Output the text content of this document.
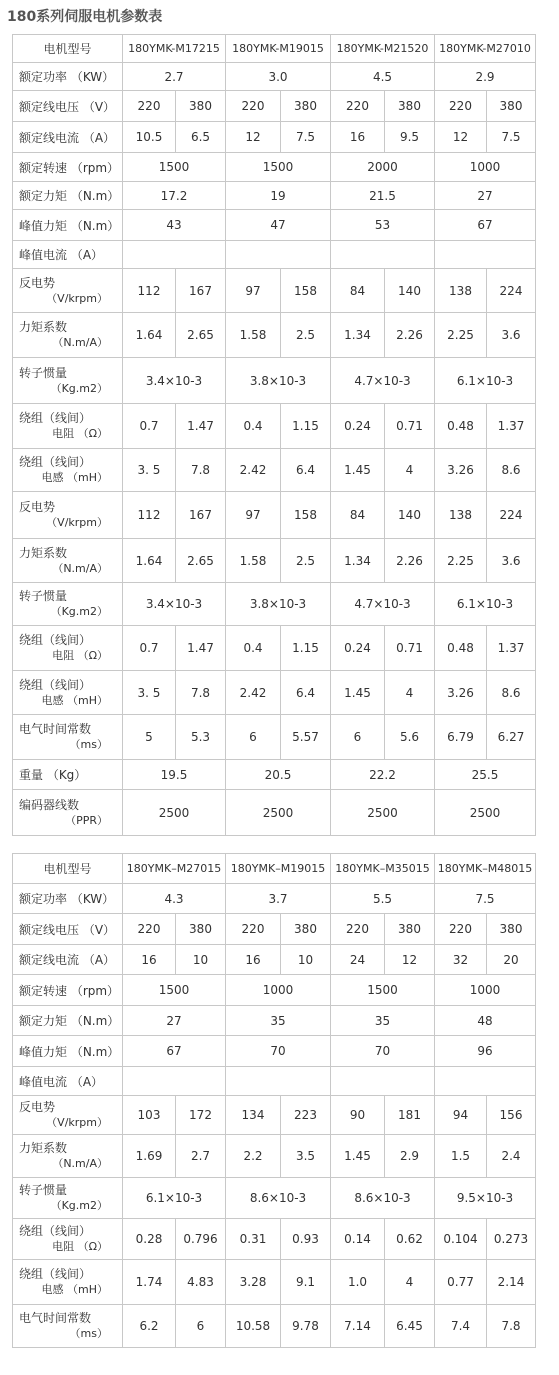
180系列伺服电机参数表
电机型号	180YMK-M17215		180YMK-M19015		180YMK-M21520		180YMK-M27010	
额定功率 （KW）	2.7		3.0		4.5		2.9	
额定线电压 （V）	220	380	220	380	220	380	220	380
额定线电流 （A）	10.5	6.5	12	7.5	16	9.5	12	7.5
额定转速 （rpm）	1500		1500		2000		1000	
额定力矩 （N.m）	17.2		19		21.5		27	
峰值力矩 （N.m）	43		47		53		67	
峰值电流 （A）								
反电势
（V/krpm）	112	167	97	158	84	140	138	224
力矩系数
（N.m/A）	1.64	2.65	1.58	2.5	1.34	2.26	2.25	3.6
转子惯量
（Kg.m2）	3.4×10-3		3.8×10-3		4.7×10-3		6.1×10-3	
绕组（线间）
电阻 （Ω）	0.7	1.47	0.4	1.15	0.24	0.71	0.48	1.37
绕组（线间）
电感 （mH）	3. 5	7.8	2.42	6.4	1.45	4	3.26	8.6
反电势
（V/krpm）	112	167	97	158	84	140	138	224
力矩系数
（N.m/A）	1.64	2.65	1.58	2.5	1.34	2.26	2.25	3.6
转子惯量
（Kg.m2）	3.4×10-3		3.8×10-3		4.7×10-3		6.1×10-3	
绕组（线间）
电阻 （Ω）	0.7	1.47	0.4	1.15	0.24	0.71	0.48	1.37
绕组（线间）
电感 （mH）	3. 5	7.8	2.42	6.4	1.45	4	3.26	8.6
电气时间常数
（ms）	5	5.3	6	5.57	6	5.6	6.79	6.27
重量 （Kg）	19.5		20.5		22.2		25.5	
编码器线数
（PPR）	2500		2500		2500		2500	
电机型号	180YMK–M27015		180YMK–M19015		180YMK–M35015		180YMK–M48015	
额定功率 （KW）	4.3		3.7		5.5		7.5	
额定线电压 （V）	220	380	220	380	220	380	220	380
额定线电流 （A）	16	10	16	10	24	12	32	20
额定转速 （rpm）	1500		1000		1500		1000	
额定力矩 （N.m）	27		35		35		48	
峰值力矩 （N.m）	67		70		70		96	
峰值电流 （A）								
反电势
（V/krpm）	103	172	134	223	90	181	94	156
力矩系数
（N.m/A）	1.69	2.7	2.2	3.5	1.45	2.9	1.5	2.4
转子惯量
（Kg.m2）	6.1×10-3		8.6×10-3		8.6×10-3		9.5×10-3	
绕组（线间）
电阻 （Ω）	0.28	0.796	0.31	0.93	0.14	0.62	0.104	0.273
绕组（线间）
电感 （mH）	1.74	4.83	3.28	9.1	1.0	4	0.77	2.14
电气时间常数
（ms）	6.2	6	10.58	9.78	7.14	6.45	7.4	7.8
